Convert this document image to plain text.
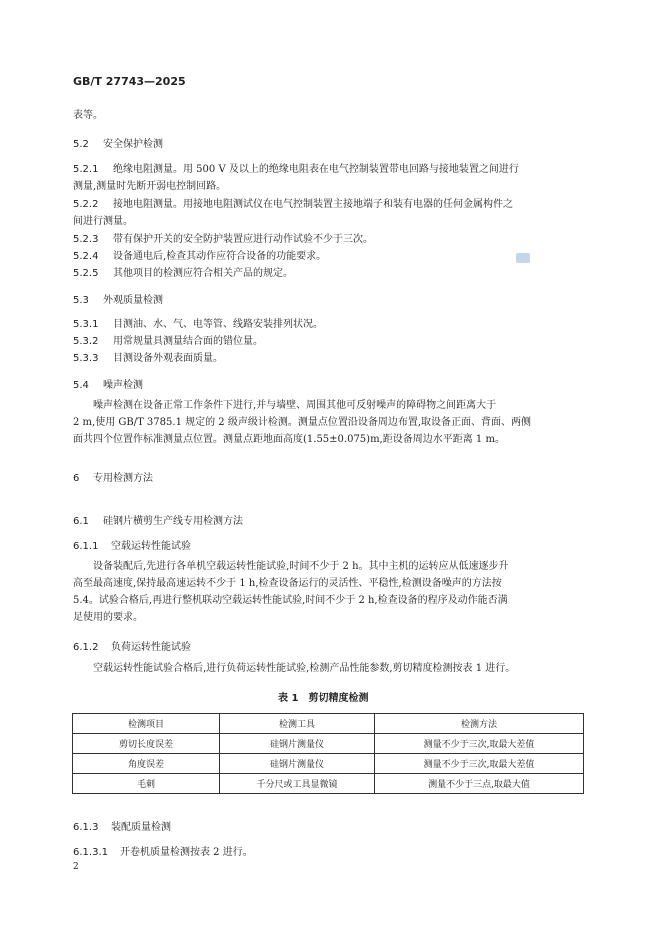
GB/T 27743—2025
表等。
5.2 安全保护检测
5.2.1 绝缘电阻测量。用 500 V 及以上的绝缘电阻表在电气控制装置带电回路与接地装置之间进行
测量,测量时先断开弱电控制回路。
5.2.2 接地电阻测量。用接地电阻测试仪在电气控制装置主接地端子和装有电器的任何金属构件之
间进行测量。
5.2.3 带有保护开关的安全防护装置应进行动作试验不少于三次。
5.2.4 设备通电后,检查其动作应符合设备的功能要求。
5.2.5 其他项目的检测应符合相关产品的规定。
5.3 外观质量检测
5.3.1 目测油、水、气、电等管、线路安装排列状况。
5.3.2 用常规量具测量结合面的错位量。
5.3.3 目测设备外观表面质量。
5.4 噪声检测
噪声检测在设备正常工作条件下进行,并与墙壁、周围其他可反射噪声的障碍物之间距离大于
2 m,使用 GB/T 3785.1 规定的 2 级声级计检测。测量点位置沿设备周边布置,取设备正面、背面、两侧
面共四个位置作标准测量点位置。测量点距地面高度(1.55±0.075)m,距设备周边水平距离 1 m。
6 专用检测方法
6.1 硅钢片横剪生产线专用检测方法
6.1.1 空载运转性能试验
设备装配后,先进行各单机空载运转性能试验,时间不少于 2 h。其中主机的运转应从低速逐步升
高至最高速度,保持最高速运转不少于 1 h,检查设备运行的灵活性、平稳性,检测设备噪声的方法按
5.4。试验合格后,再进行整机联动空载运转性能试验,时间不少于 2 h,检查设备的程序及动作能否满
足使用的要求。
6.1.2 负荷运转性能试验
空载运转性能试验合格后,进行负荷运转性能试验,检测产品性能参数,剪切精度检测按表 1 进行。
表 1　剪切精度检测
检测项目	检测工具	检测方法
剪切长度误差	硅钢片测量仪	测量不少于三次,取最大差值
角度误差	硅钢片测量仪	测量不少于三次,取最大差值
毛刺	千分尺或工具显微镜	测量不少于三点,取最大值
6.1.3 装配质量检测
6.1.3.1 开卷机质量检测按表 2 进行。
2
